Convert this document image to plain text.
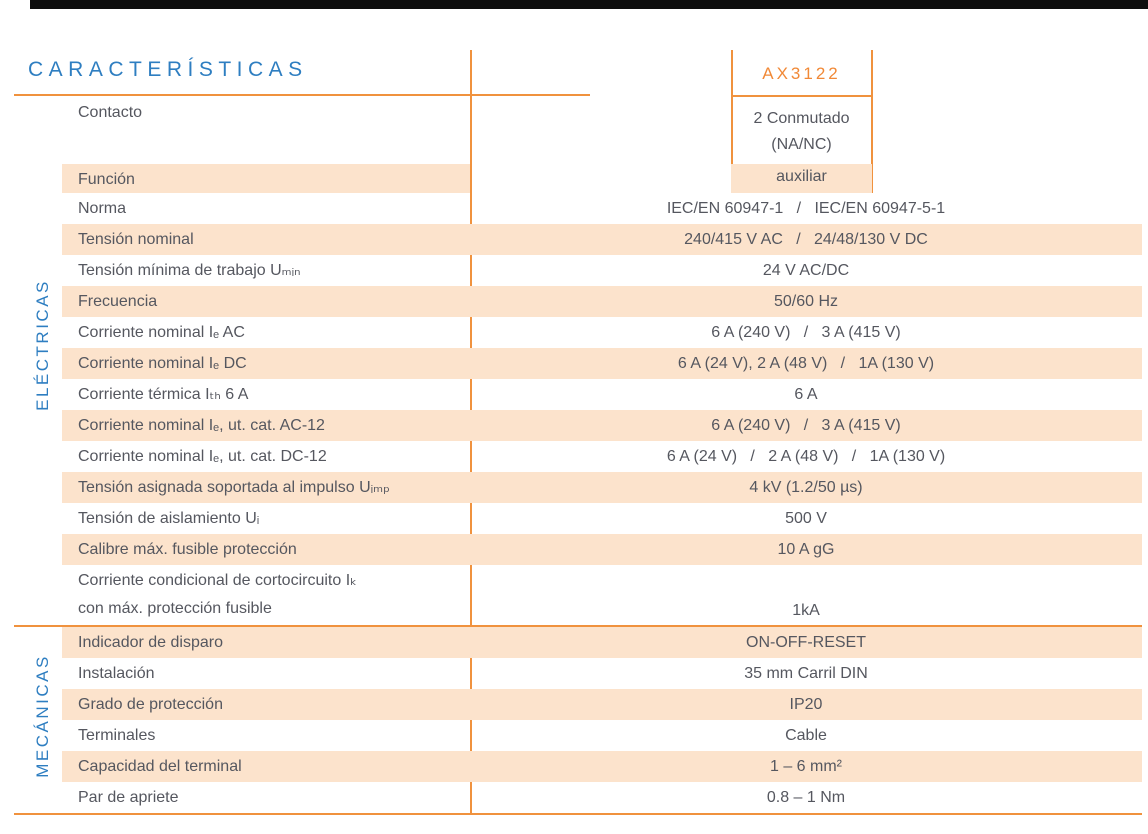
CARACTERÍSTICAS	AX3122
ELÉCTRICAS
MECÁNICAS
Contacto	2 Conmutado
(NA/NC)
Función	auxiliar
Norma	IEC/EN 60947-1   /   IEC/EN 60947-5-1
Tensión nominal	240/415 V AC   /   24/48/130 V DC
Tensión mínima de trabajo Uₘᵢₙ	24 V AC/DC
Frecuencia	50/60 Hz
Corriente nominal Iₑ AC	6 A (240 V)   /   3 A (415 V)
Corriente nominal Iₑ DC	6 A (24 V), 2 A (48 V)   /   1A (130 V)
Corriente térmica Iₜₕ 6 A	6 A
Corriente nominal Iₑ, ut. cat. AC-12	6 A (240 V)   /   3 A (415 V)
Corriente nominal Iₑ, ut. cat. DC-12	6 A (24 V)   /   2 A (48 V)   /   1A (130 V)
Tensión asignada soportada al impulso Uᵢₘₚ	4 kV (1.2/50 µs)
Tensión de aislamiento Uᵢ	500 V
Calibre máx. fusible protección	10 A gG
Corriente condicional de cortocircuito Iₖ
con máx. protección fusible	1kA
Indicador de disparo	ON-OFF-RESET
Instalación	35 mm Carril DIN
Grado de protección	IP20
Terminales	Cable
Capacidad del terminal	1 – 6 mm²
Par de apriete	0.8 – 1 Nm
